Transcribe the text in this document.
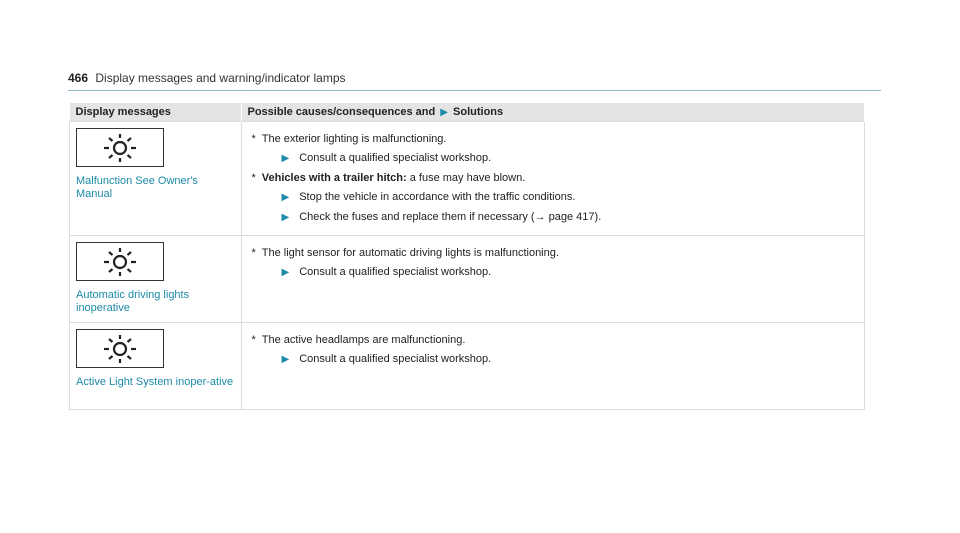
466 Display messages and warning/indicator lamps
Display messages	Possible causes/consequences and ▶ Solutions

Malfunction See Owner's Manual	* The exterior lighting is malfunctioning.
▶ Consult a qualified specialist workshop.
* Vehicles with a trailer hitch: a fuse may have blown.
▶ Stop the vehicle in accordance with the traffic conditions.
▶ Check the fuses and replace them if necessary (→ page 417).

Automatic driving lights inoperative	* The light sensor for automatic driving lights is malfunctioning.
▶ Consult a qualified specialist workshop.

Active Light System inoper-ative	* The active headlamps are malfunctioning.
▶ Consult a qualified specialist workshop.
